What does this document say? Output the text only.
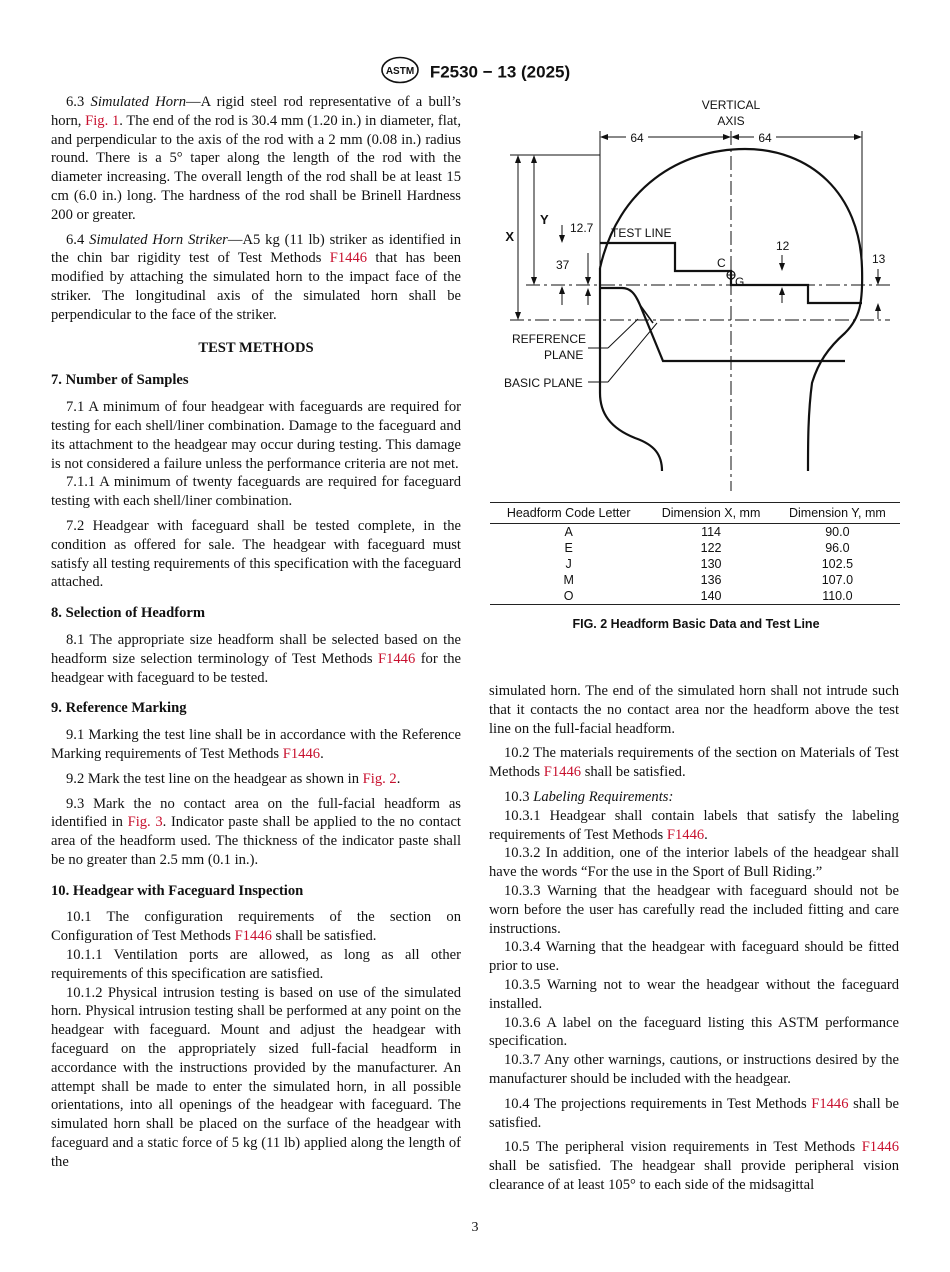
ASTM F2530 − 13 (2025)

6.3 Simulated Horn—A rigid steel rod representative of a bull’s horn, Fig. 1. The end of the rod is 30.4 mm (1.20 in.) in diameter, flat, and perpendicular to the axis of the rod with a 2 mm (0.08 in.) radius round. There is a 5° taper along the length of the rod with the diameter increasing. The overall length of the rod shall be at least 15 cm (6.0 in.) long. The hardness of the rod shall be Brinell Hardness 200 or greater.

6.4 Simulated Horn Striker—A5 kg (11 lb) striker as identified in the chin bar rigidity test of Test Methods F1446 that has been modified by attaching the simulated horn to the impact face of the striker. The longitudinal axis of the simulated horn shall be perpendicular to the face of the striker.

TEST METHODS
7. Number of Samples

7.1 A minimum of four headgear with faceguards are required for testing for each shell/liner combination. Damage to the faceguard and its attachment to the headgear may occur during testing. This damage is not considered a failure unless the performance criteria are not met.

7.1.1 A minimum of twenty faceguards are required for faceguard testing with each shell/liner combination.

7.2 Headgear with faceguard shall be tested complete, in the condition as offered for sale. The headgear with faceguard must satisfy all testing requirements of this specification with the faceguard attached.

8. Selection of Headform

8.1 The appropriate size headform shall be selected based on the headform size selection terminology of Test Methods F1446 for the headgear with faceguard to be tested.

9. Reference Marking

9.1 Marking the test line shall be in accordance with the Reference Marking requirements of Test Methods F1446.

9.2 Mark the test line on the headgear as shown in Fig. 2.

9.3 Mark the no contact area on the full-facial headform as identified in Fig. 3. Indicator paste shall be applied to the no contact area of the headform used. The thickness of the indicator paste shall be no greater than 2.5 mm (0.1 in.).

10. Headgear with Faceguard Inspection

10.1 The configuration requirements of the section on Configuration of Test Methods F1446 shall be satisfied.

10.1.1 Ventilation ports are allowed, as long as all other requirements of this specification are satisfied.

10.1.2 Physical intrusion testing is based on use of the simulated horn. Physical intrusion testing shall be performed at any point on the headgear with faceguard. Mount and adjust the headgear with faceguard on the appropriately sized full-facial headform in accordance with the instructions provided by the manufacturer. An attempt shall be made to enter the simulated horn, in all possible orientations, into all openings of the headgear with faceguard. The simulated horn shall be placed on the surface of the headgear with faceguard and a static force of 5 kg (11 lb) applied along the length of the

VERTICAL
AXIS
64	64
X
Y
12.7
37
TEST LINE
C
G
12
13
REFERENCE
PLANE
BASIC PLANE
Headform Code Letter	Dimension X, mm	Dimension Y, mm
A	114	90.0
E	122	96.0
J	130	102.5
M	136	107.0
O	140	110.0
FIG. 2 Headform Basic Data and Test Line

simulated horn. The end of the simulated horn shall not intrude such that it contacts the no contact area nor the headform above the test line on the full-facial headform.

10.2 The materials requirements of the section on Materials of Test Methods F1446 shall be satisfied.

10.3 Labeling Requirements:

10.3.1 Headgear shall contain labels that satisfy the labeling requirements of Test Methods F1446.

10.3.2 In addition, one of the interior labels of the headgear shall have the words “For the use in the Sport of Bull Riding.”

10.3.3 Warning that the headgear with faceguard should not be worn before the user has carefully read the included fitting and care instructions.

10.3.4 Warning that the headgear with faceguard should be fitted prior to use.

10.3.5 Warning not to wear the headgear without the faceguard installed.

10.3.6 A label on the faceguard listing this ASTM performance specification.

10.3.7 Any other warnings, cautions, or instructions desired by the manufacturer should be included with the headgear.

10.4 The projections requirements in Test Methods F1446 shall be satisfied.

10.5 The peripheral vision requirements in Test Methods F1446 shall be satisfied. The headgear shall provide peripheral vision clearance of at least 105° to each side of the midsagittal

3
